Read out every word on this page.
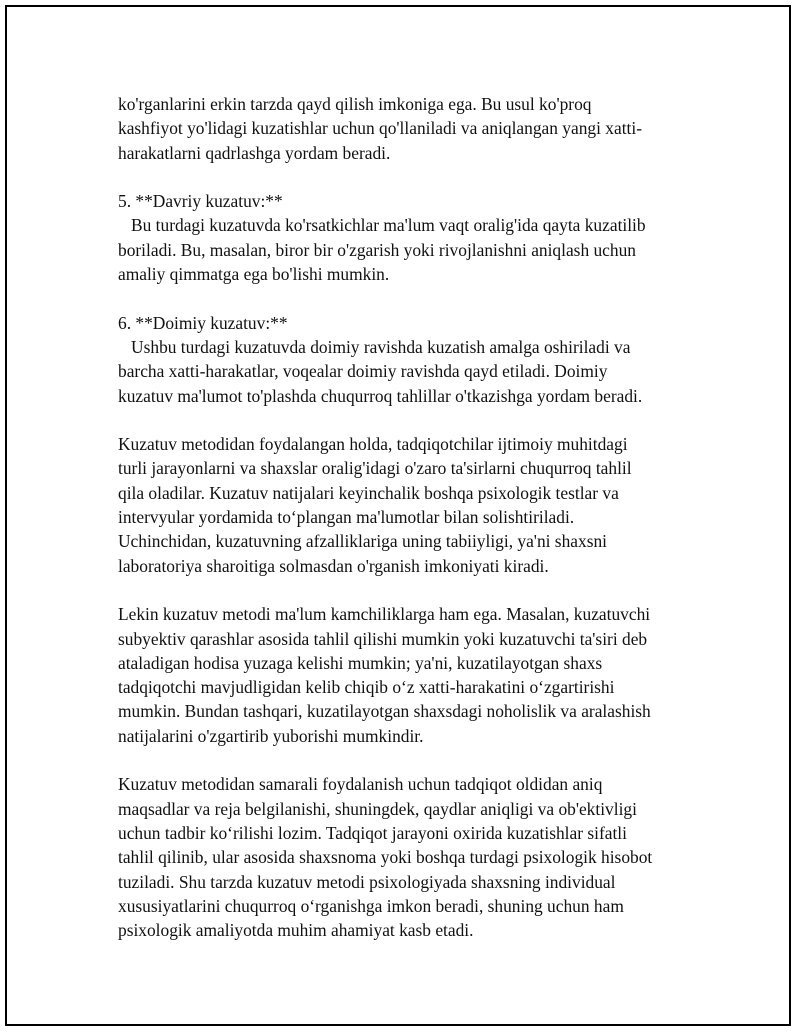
ko'rganlarini erkin tarzda qayd qilish imkoniga ega. Bu usul ko'proq
kashfiyot yo'lidagi kuzatishlar uchun qo'llaniladi va aniqlangan yangi xatti-
harakatlarni qadrlashga yordam beradi.
5. **Davriy kuzatuv:**
Bu turdagi kuzatuvda ko'rsatkichlar ma'lum vaqt oralig'ida qayta kuzatilib
boriladi. Bu, masalan, biror bir o'zgarish yoki rivojlanishni aniqlash uchun
amaliy qimmatga ega bo'lishi mumkin.
6. **Doimiy kuzatuv:**
Ushbu turdagi kuzatuvda doimiy ravishda kuzatish amalga oshiriladi va
barcha xatti-harakatlar, voqealar doimiy ravishda qayd etiladi. Doimiy
kuzatuv ma'lumot to'plashda chuqurroq tahlillar o'tkazishga yordam beradi.
Kuzatuv metodidan foydalangan holda, tadqiqotchilar ijtimoiy muhitdagi
turli jarayonlarni va shaxslar oralig'idagi o'zaro ta'sirlarni chuqurroq tahlil
qila oladilar. Kuzatuv natijalari keyinchalik boshqa psixologik testlar va
intervyular yordamida to‘plangan ma'lumotlar bilan solishtiriladi.
Uchinchidan, kuzatuvning afzalliklariga uning tabiiyligi, ya'ni shaxsni
laboratoriya sharoitiga solmasdan o'rganish imkoniyati kiradi.
Lekin kuzatuv metodi ma'lum kamchiliklarga ham ega. Masalan, kuzatuvchi
subyektiv qarashlar asosida tahlil qilishi mumkin yoki kuzatuvchi ta'siri deb
ataladigan hodisa yuzaga kelishi mumkin; ya'ni, kuzatilayotgan shaxs
tadqiqotchi mavjudligidan kelib chiqib o‘z xatti-harakatini o‘zgartirishi
mumkin. Bundan tashqari, kuzatilayotgan shaxsdagi noholislik va aralashish
natijalarini o'zgartirib yuborishi mumkindir.
Kuzatuv metodidan samarali foydalanish uchun tadqiqot oldidan aniq
maqsadlar va reja belgilanishi, shuningdek, qaydlar aniqligi va ob'ektivligi
uchun tadbir ko‘rilishi lozim. Tadqiqot jarayoni oxirida kuzatishlar sifatli
tahlil qilinib, ular asosida shaxsnoma yoki boshqa turdagi psixologik hisobot
tuziladi. Shu tarzda kuzatuv metodi psixologiyada shaxsning individual
xususiyatlarini chuqurroq o‘rganishga imkon beradi, shuning uchun ham
psixologik amaliyotda muhim ahamiyat kasb etadi.
